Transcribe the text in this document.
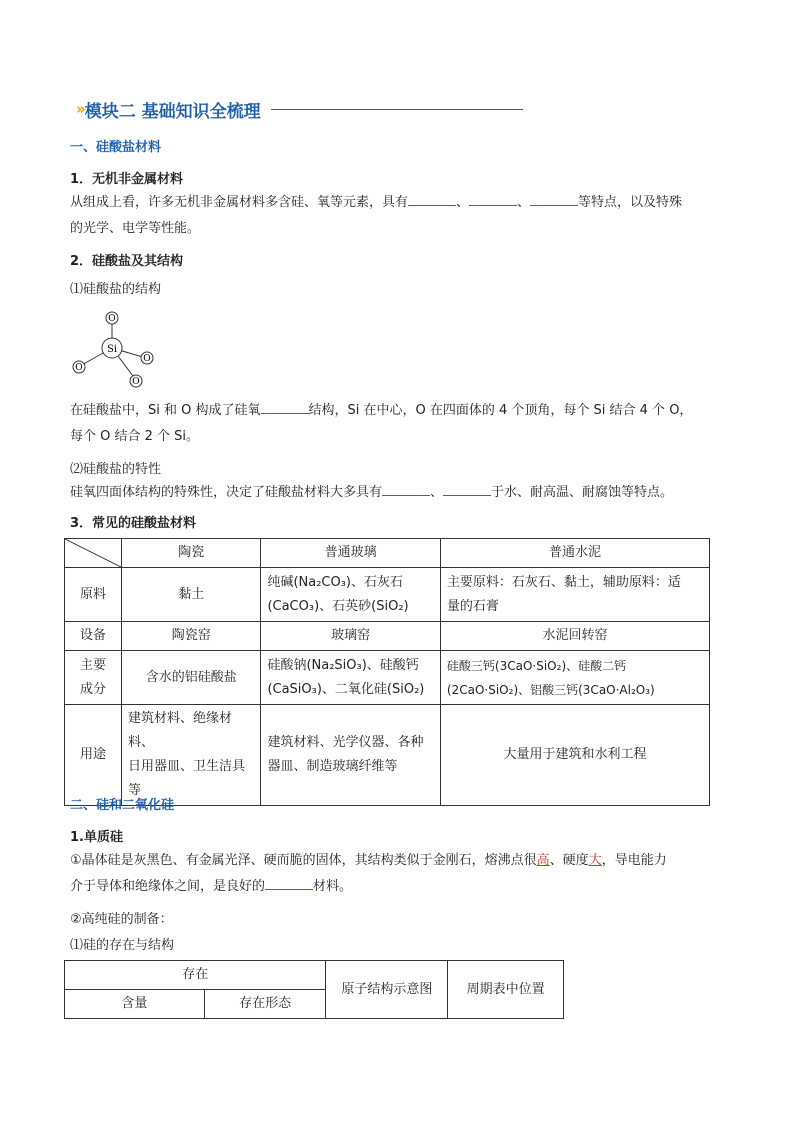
» 模块二 基础知识全梳理
一、硅酸盐材料
1．无机非金属材料
从组成上看，许多无机非金属材料多含硅、氧等元素，具有	、	、	等特点，以及特殊
的光学、电学等性能。
2．硅酸盐及其结构
⑴硅酸盐的结构
Si
O
O
O
O
在硅酸盐中，Si 和 O 构成了硅氧	结构，Si 在中心，O 在四面体的 4 个顶角，每个 Si 结合 4 个 O，
每个 O 结合 2 个 Si。
⑵硅酸盐的特性
硅氧四面体结构的特殊性，决定了硅酸盐材料大多具有	、	于水、耐高温、耐腐蚀等特点。
3．常见的硅酸盐材料
	陶瓷	普通玻璃	普通水泥
原料	黏土	纯碱(Na₂CO₃)、石灰石
(CaCO₃)、石英砂(SiO₂)	主要原料：石灰石、黏土，辅助原料：适
量的石膏
设备	陶瓷窑	玻璃窑	水泥回转窑
主要
成分	含水的铝硅酸盐	硅酸钠(Na₂SiO₃)、硅酸钙
(CaSiO₃)、二氧化硅(SiO₂)	硅酸三钙(3CaO·SiO₂)、硅酸二钙
(2CaO·SiO₂)、铝酸三钙(3CaO·Al₂O₃)
用途	建筑材料、绝缘材料、
日用器皿、卫生洁具
等	建筑材料、光学仪器、各种
器皿、制造玻璃纤维等	大量用于建筑和水利工程
二、硅和二氧化硅
1.单质硅
①晶体硅是灰黑色、有金属光泽、硬而脆的固体，其结构类似于金刚石，熔沸点很高、硬度大，导电能力
介于导体和绝缘体之间，是良好的	材料。
②高纯硅的制备：
⑴硅的存在与结构
存在		原子结构示意图	周期表中位置
含量	存在形态		
